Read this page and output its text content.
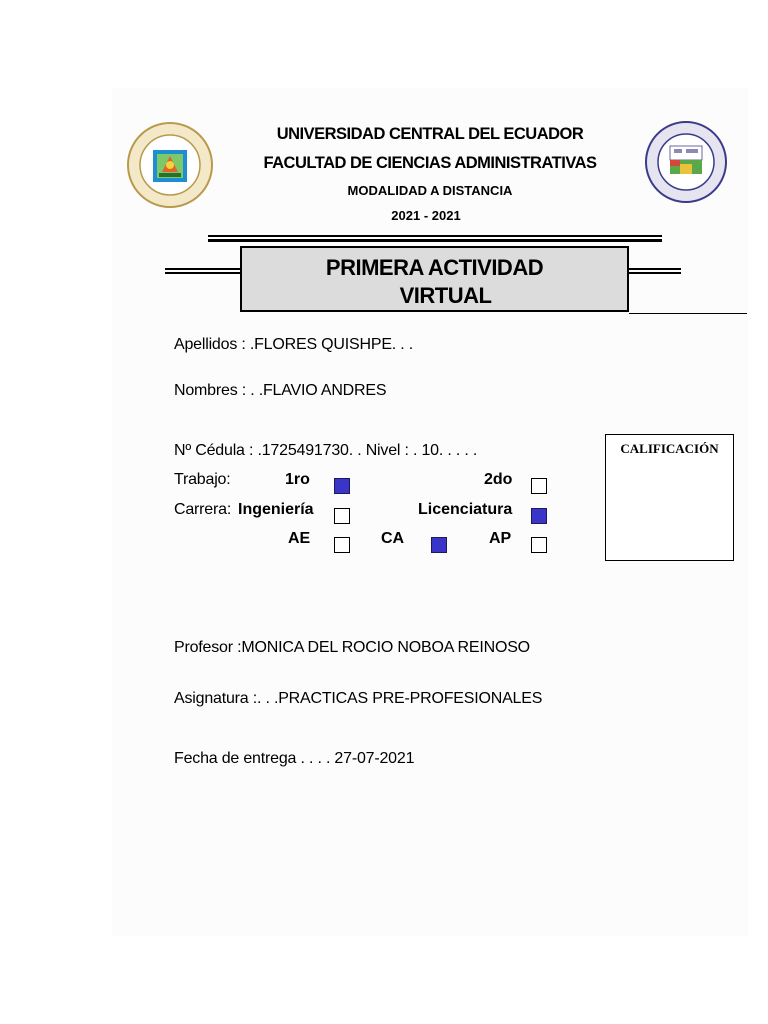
UNIVERSIDAD CENTRAL DEL ECUADOR
FACULTAD DE CIENCIAS ADMINISTRATIVAS
MODALIDAD A DISTANCIA
2021 - 2021
PRIMERA ACTIVIDAD
VIRTUAL
Apellidos : .FLORES QUISHPE. . .
Nombres : . .FLAVIO ANDRES
Nº Cédula : .1725491730. . Nivel : . 10. . . . .
Trabajo:	1ro	2do
Carrera: Ingeniería	Licenciatura
AE	CA	AP
CALIFICACIÓN
Profesor :MONICA DEL ROCIO NOBOA REINOSO
Asignatura :. . .PRACTICAS PRE-PROFESIONALES
Fecha de entrega . . . . 27-07-2021
